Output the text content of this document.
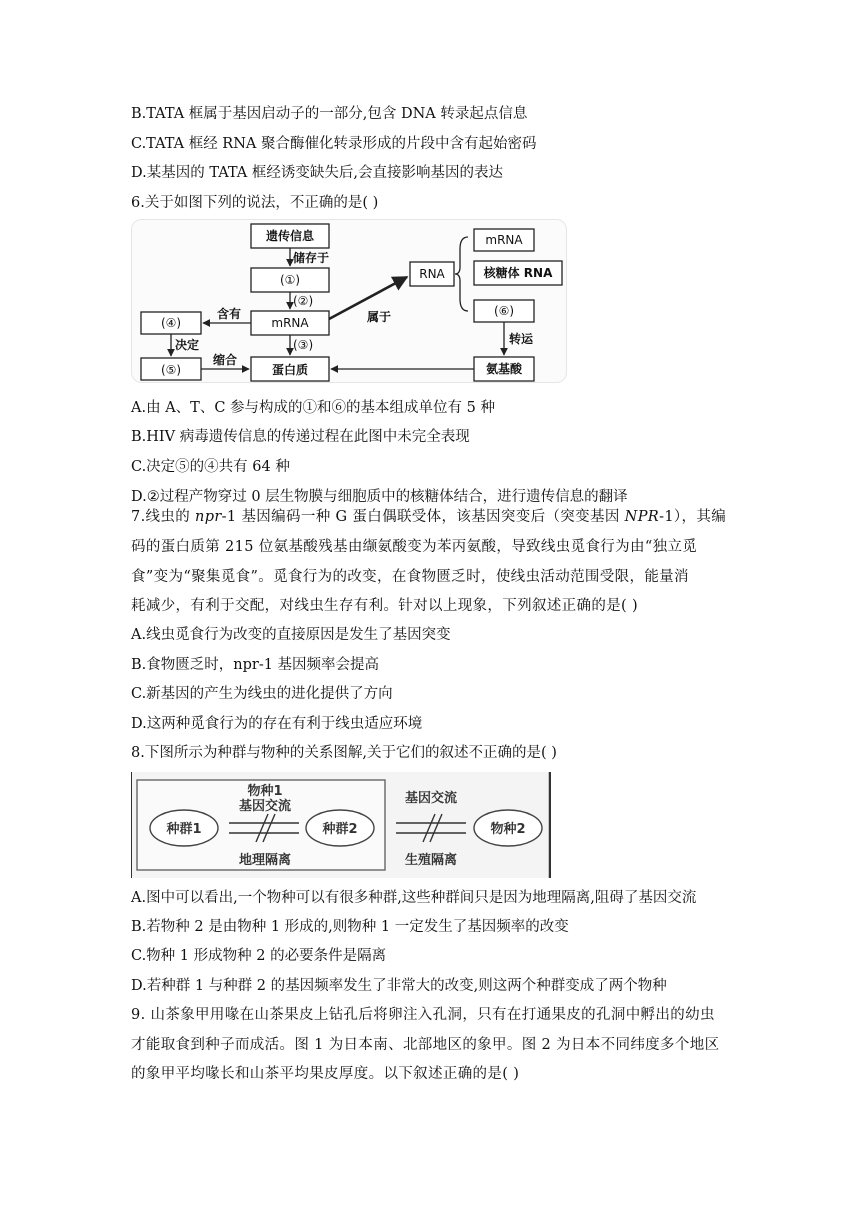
B.TATA 框属于基因启动子的一部分,包含 DNA 转录起点信息
C.TATA 框经 RNA 聚合酶催化转录形成的片段中含有起始密码
D.某基因的 TATA 框经诱变缺失后,会直接影响基因的表达
6.关于如图下列的说法，不正确的是( )
遗传信息
储存于
(①)
(②)
mRNA
(③)
蛋白质
含有
(④)
决定
(⑤)
缩合
属于
RNA
mRNA
核糖体 RNA
(⑥)
转运
氨基酸
A.由 A、T、C 参与构成的①和⑥的基本组成单位有 5 种
B.HIV 病毒遗传信息的传递过程在此图中未完全表现
C.决定⑤的④共有 64 种
D.②过程产物穿过 0 层生物膜与细胞质中的核糖体结合，进行遗传信息的翻译
7.线虫的 npr-1 基因编码一种 G 蛋白偶联受体，该基因突变后（突变基因 NPR-1），其编
码的蛋白质第 215 位氨基酸残基由缬氨酸变为苯丙氨酸，导致线虫觅食行为由“独立觅
食”变为“聚集觅食”。觅食行为的改变，在食物匮乏时，使线虫活动范围受限，能量消
耗减少，有利于交配，对线虫生存有利。针对以上现象，下列叙述正确的是( )
A.线虫觅食行为改变的直接原因是发生了基因突变
B.食物匮乏时，npr-1 基因频率会提高
C.新基因的产生为线虫的进化提供了方向
D.这两种觅食行为的存在有利于线虫适应环境
8.下图所示为种群与物种的关系图解,关于它们的叙述不正确的是( )
物种1
基因交流
种群1	种群2
地理隔离
基因交流
物种2
生殖隔离
A.图中可以看出,一个物种可以有很多种群,这些种群间只是因为地理隔离,阻碍了基因交流
B.若物种 2 是由物种 1 形成的,则物种 1 一定发生了基因频率的改变
C.物种 1 形成物种 2 的必要条件是隔离
D.若种群 1 与种群 2 的基因频率发生了非常大的改变,则这两个种群变成了两个物种
9. 山茶象甲用喙在山茶果皮上钻孔后将卵注入孔洞，只有在打通果皮的孔洞中孵出的幼虫
才能取食到种子而成活。图 1 为日本南、北部地区的象甲。图 2 为日本不同纬度多个地区
的象甲平均喙长和山茶平均果皮厚度。以下叙述正确的是( )
